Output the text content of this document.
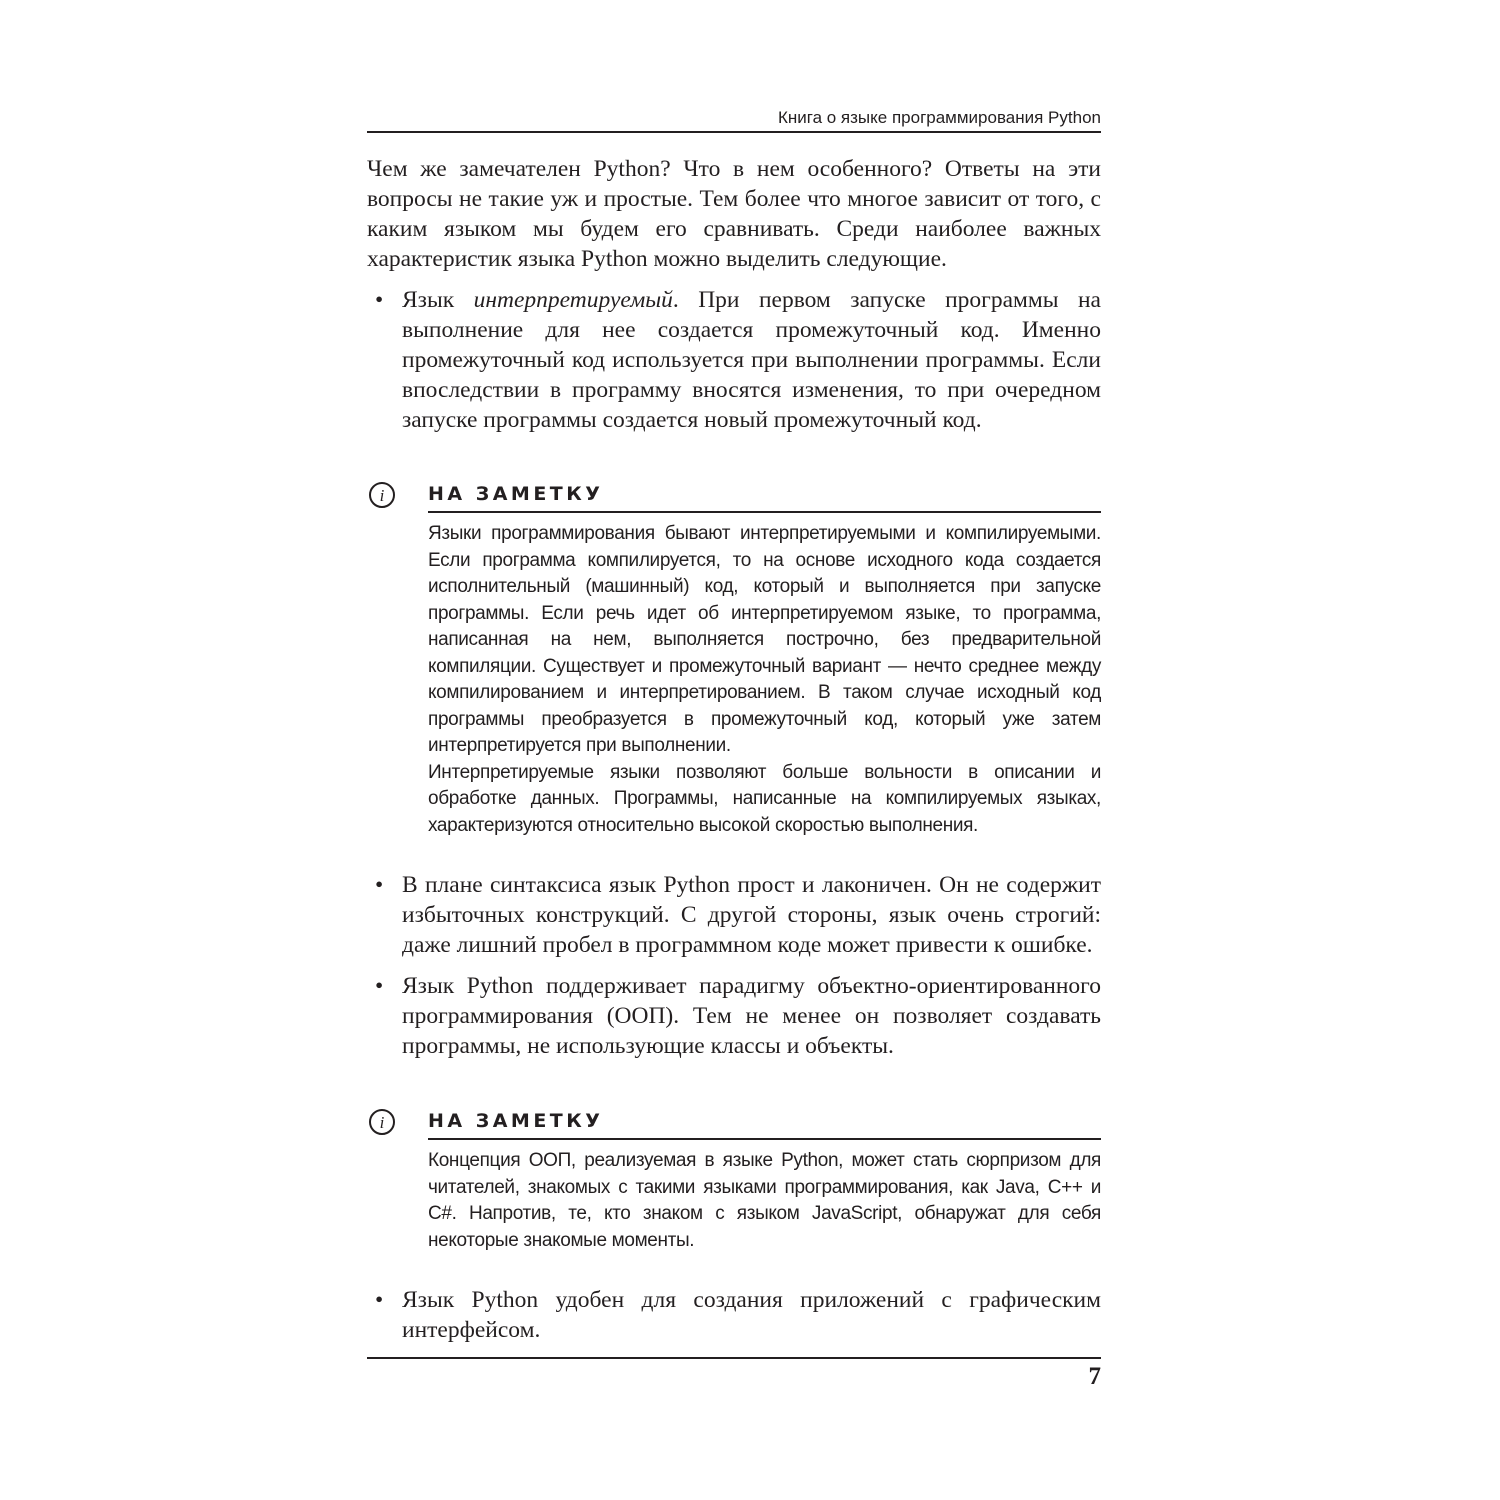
Книга о языке программирования Python

Чем же замечателен Python? Что в нем особенного? Ответы на эти вопросы не такие уж и простые. Тем более что многое зависит от того, с каким языком мы будем его сравнивать. Среди наиболее важных характеристик языка Python можно выделить следующие.

• Язык интерпретируемый. При первом запуске программы на выполнение для нее создается промежуточный код. Именно промежуточный код используется при выполнении программы. Если впоследствии в программу вносятся изменения, то при очередном запуске программы создается новый промежуточный код.

i	НА ЗАМЕТКУ

Языки программирования бывают интерпретируемыми и компилируемыми. Если программа компилируется, то на основе исходного кода создается исполнительный (машинный) код, который и выполняется при запуске программы. Если речь идет об интерпретируемом языке, то программа, написанная на нем, выполняется построчно, без предварительной компиляции. Существует и промежуточный вариант — нечто среднее между компилированием и интерпретированием. В таком случае исходный код программы преобразуется в промежуточный код, который уже затем интерпретируется при выполнении.

Интерпретируемые языки позволяют больше вольности в описании и обработке данных. Программы, написанные на компилируемых языках, характеризуются относительно высокой скоростью выполнения.

• В плане синтаксиса язык Python прост и лаконичен. Он не содержит избыточных конструкций. С другой стороны, язык очень строгий: даже лишний пробел в программном коде может привести к ошибке.

• Язык Python поддерживает парадигму объектно-ориентированного программирования (ООП). Тем не менее он позволяет создавать программы, не использующие классы и объекты.

i	НА ЗАМЕТКУ

Концепция ООП, реализуемая в языке Python, может стать сюрпризом для читателей, знакомых с такими языками программирования, как Java, C++ и C#. Напротив, те, кто знаком с языком JavaScript, обнаружат для себя некоторые знакомые моменты.

• Язык Python удобен для создания приложений с графическим интерфейсом.

7
